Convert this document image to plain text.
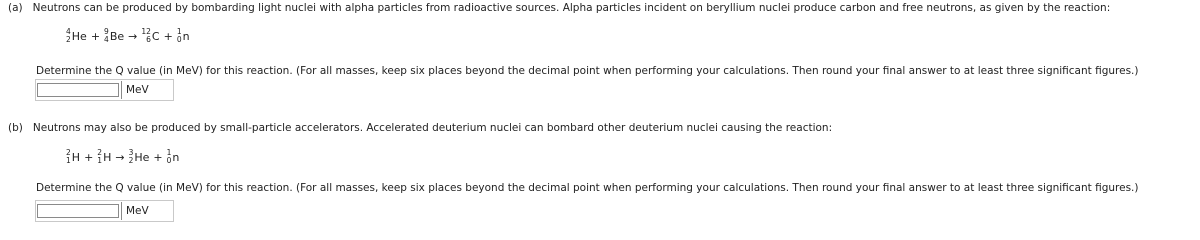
(a) Neutrons can be produced by bombarding light nuclei with alpha particles from radioactive sources. Alpha particles incident on beryllium nuclei produce carbon and free neutrons, as given by the reaction:
4
2 He + 9
4 Be → 12
6 C + 1
0 n
Determine the Q value (in MeV) for this reaction. (For all masses, keep six places beyond the decimal point when performing your calculations. Then round your final answer to at least three significant figures.)
MeV
(b) Neutrons may also be produced by small-particle accelerators. Accelerated deuterium nuclei can bombard other deuterium nuclei causing the reaction:
2
1 H + 2
1 H → 3
2 He + 1
0 n
Determine the Q value (in MeV) for this reaction. (For all masses, keep six places beyond the decimal point when performing your calculations. Then round your final answer to at least three significant figures.)
MeV
